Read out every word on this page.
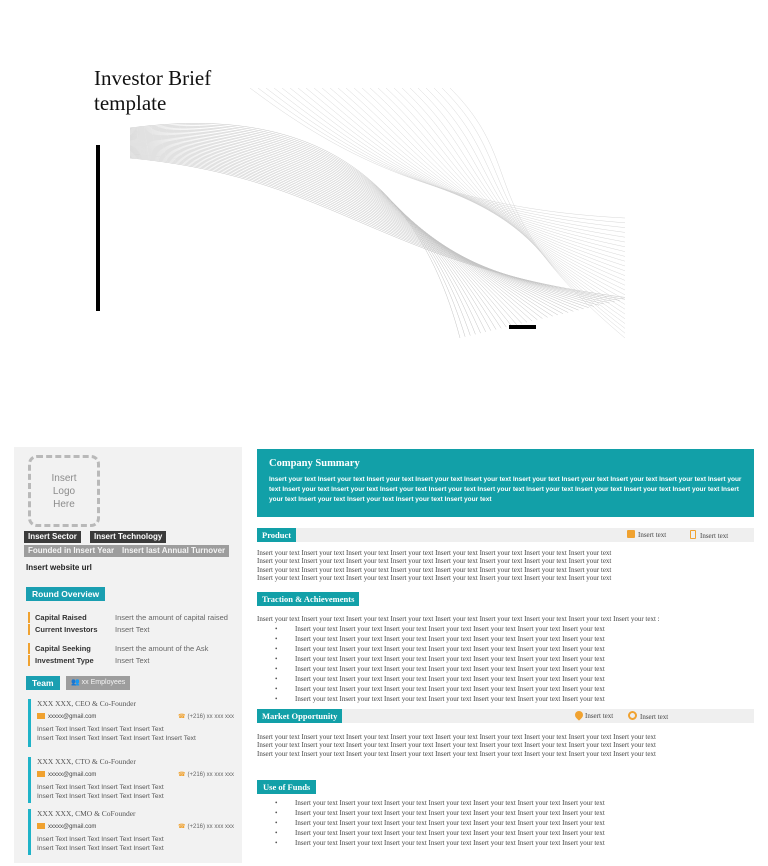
Investor Brief
template
Insert
Logo
Here
Insert Sector	Insert Technology
Founded in Insert Year Insert last Annual Turnover
Insert website url
Round Overview
Capital Raised	Insert the amount of capital raised
Current Investors Insert Text
Capital Seeking	Insert the amount of the Ask
Investment Type	Insert Text
Team	👥 xx Employees
XXX XXX, CEO & Co-Founder
xxxxx@gmail.com	☎ (+216) xx xxx xxx
Insert Text Insert Text Insert Text Insert Text
Insert Text Insert Text Insert Text Insert Text Insert Text
XXX XXX, CTO & Co-Founder
xxxxx@gmail.com	☎ (+216) xx xxx xxx
Insert Text Insert Text Insert Text Insert Text
Insert Text Insert Text Insert Text Insert Text
XXX XXX, CMO & CoFounder
xxxxx@gmail.com	☎ (+216) xx xxx xxx
Insert Text Insert Text Insert Text Insert Text
Insert Text Insert Text Insert Text Insert Text
Company Summary
Insert your text Insert your text Insert your text Insert your text Insert your text Insert your text Insert your text Insert your text Insert your text Insert your text Insert your text Insert your text Insert your text Insert your text Insert your text Insert your text Insert your text Insert your text Insert your text Insert your text Insert your text Insert your text Insert your text Insert your text
Product	Insert text	Insert text
Insert your text Insert your text Insert your text Insert your text Insert your text Insert your text Insert your text Insert your text
Insert your text Insert your text Insert your text Insert your text Insert your text Insert your text Insert your text Insert your text
Insert your text Insert your text Insert your text Insert your text Insert your text Insert your text Insert your text Insert your text
Insert your text Insert your text Insert your text Insert your text Insert your text Insert your text Insert your text Insert your text
Traction & Achievements
Insert your text Insert your text Insert your text Insert your text Insert your text Insert your text Insert your text Insert your text Insert your text :
• Insert your text Insert your text Insert your text Insert your text Insert your text Insert your text Insert your text
• Insert your text Insert your text Insert your text Insert your text Insert your text Insert your text Insert your text
• Insert your text Insert your text Insert your text Insert your text Insert your text Insert your text Insert your text
• Insert your text Insert your text Insert your text Insert your text Insert your text Insert your text Insert your text
• Insert your text Insert your text Insert your text Insert your text Insert your text Insert your text Insert your text
• Insert your text Insert your text Insert your text Insert your text Insert your text Insert your text Insert your text
• Insert your text Insert your text Insert your text Insert your text Insert your text Insert your text Insert your text
• Insert your text Insert your text Insert your text Insert your text Insert your text Insert your text Insert your text
Market Opportunity	Insert text	Insert text
Insert your text Insert your text Insert your text Insert your text Insert your text Insert your text Insert your text Insert your text Insert your text
Insert your text Insert your text Insert your text Insert your text Insert your text Insert your text Insert your text Insert your text Insert your text
Insert your text Insert your text Insert your text Insert your text Insert your text Insert your text Insert your text Insert your text Insert your text
Use of Funds
• Insert your text Insert your text Insert your text Insert your text Insert your text Insert your text Insert your text
• Insert your text Insert your text Insert your text Insert your text Insert your text Insert your text Insert your text
• Insert your text Insert your text Insert your text Insert your text Insert your text Insert your text Insert your text
• Insert your text Insert your text Insert your text Insert your text Insert your text Insert your text Insert your text
• Insert your text Insert your text Insert your text Insert your text Insert your text Insert your text Insert your text
